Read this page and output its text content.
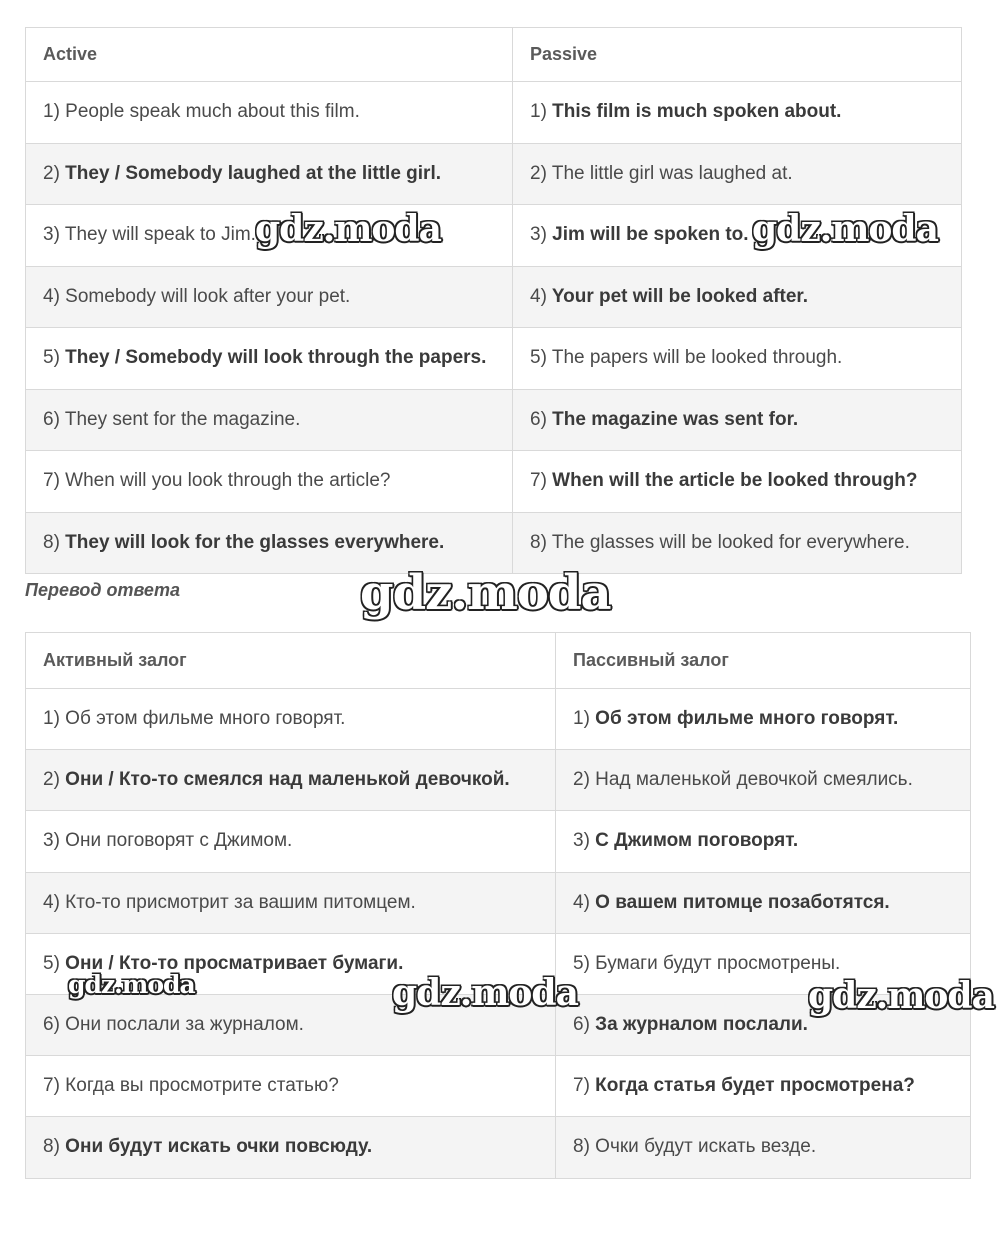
Active	Passive
1) People speak much about this film.	1) This film is much spoken about.
2) They / Somebody laughed at the little girl.	2) The little girl was laughed at.
3) They will speak to Jim.	3) Jim will be spoken to.
4) Somebody will look after your pet.	4) Your pet will be looked after.
5) They / Somebody will look through the papers.	5) The papers will be looked through.
6) They sent for the magazine.	6) The magazine was sent for.
7) When will you look through the article?	7) When will the article be looked through?
8) They will look for the glasses everywhere.	8) The glasses will be looked for everywhere.
Перевод ответа
Активный залог	Пассивный залог
1) Об этом фильме много говорят.	1) Об этом фильме много говорят.
2) Они / Кто-то смеялся над маленькой девочкой.	2) Над маленькой девочкой смеялись.
3) Они поговорят с Джимом.	3) С Джимом поговорят.
4) Кто-то присмотрит за вашим питомцем.	4) О вашем питомце позаботятся.
5) Они / Кто-то просматривает бумаги.	5) Бумаги будут просмотрены.
6) Они послали за журналом.	6) За журналом послали.
7) Когда вы просмотрите статью?	7) Когда статья будет просмотрена?
8) Они будут искать очки повсюду.	8) Очки будут искать везде.
gdz.moda	gdz.moda
gdz.moda
gdz.moda	gdz.moda	gdz.moda
